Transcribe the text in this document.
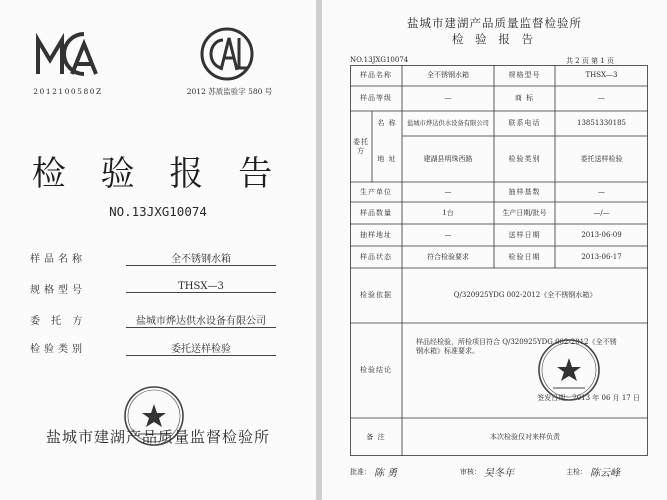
2012100580Z	2012 苏质监验字 580 号
检 验 报 告
NO.13JXG10074
样品名称	全不锈钢水箱
规格型号	THSX—3
委 托 方	盐城市烨达供水设备有限公司
检验类别	委托送样检验
盐城市建湖产品质量监督检验所
盐城市建湖产品质量监督检验所
检 验 报 告
NO.13JXG10074	共 2 页 第 1 页
样品名称	全不锈钢水箱	规格型号	THSX—3
样品等级	—	商 标	—
委托方
名 称	盐城市烨达供水设备有限公司	联系电话	13851330185
地 址	建湖县明珠西路	检验类别	委托送样检验
生产单位	—	抽样基数	—
样品数量	1台	生产日期/批号	—/—
抽样地址	—	送样日期	2013-06-09
样品状态	符合检验要求	检验日期	2013-06-17
检验依据	Q/320925YDG 002-2012《全不锈钢水箱》
检验结论
样品经检验，所检项目符合 Q/320925YDG 002-2012《全不锈钢水箱》标准要求。
签发日期：2013 年 06 月 17 日
备 注	本次检验仅对来样负责
批准： 陈 勇	审核： 吴冬年	主检： 陈云峰
